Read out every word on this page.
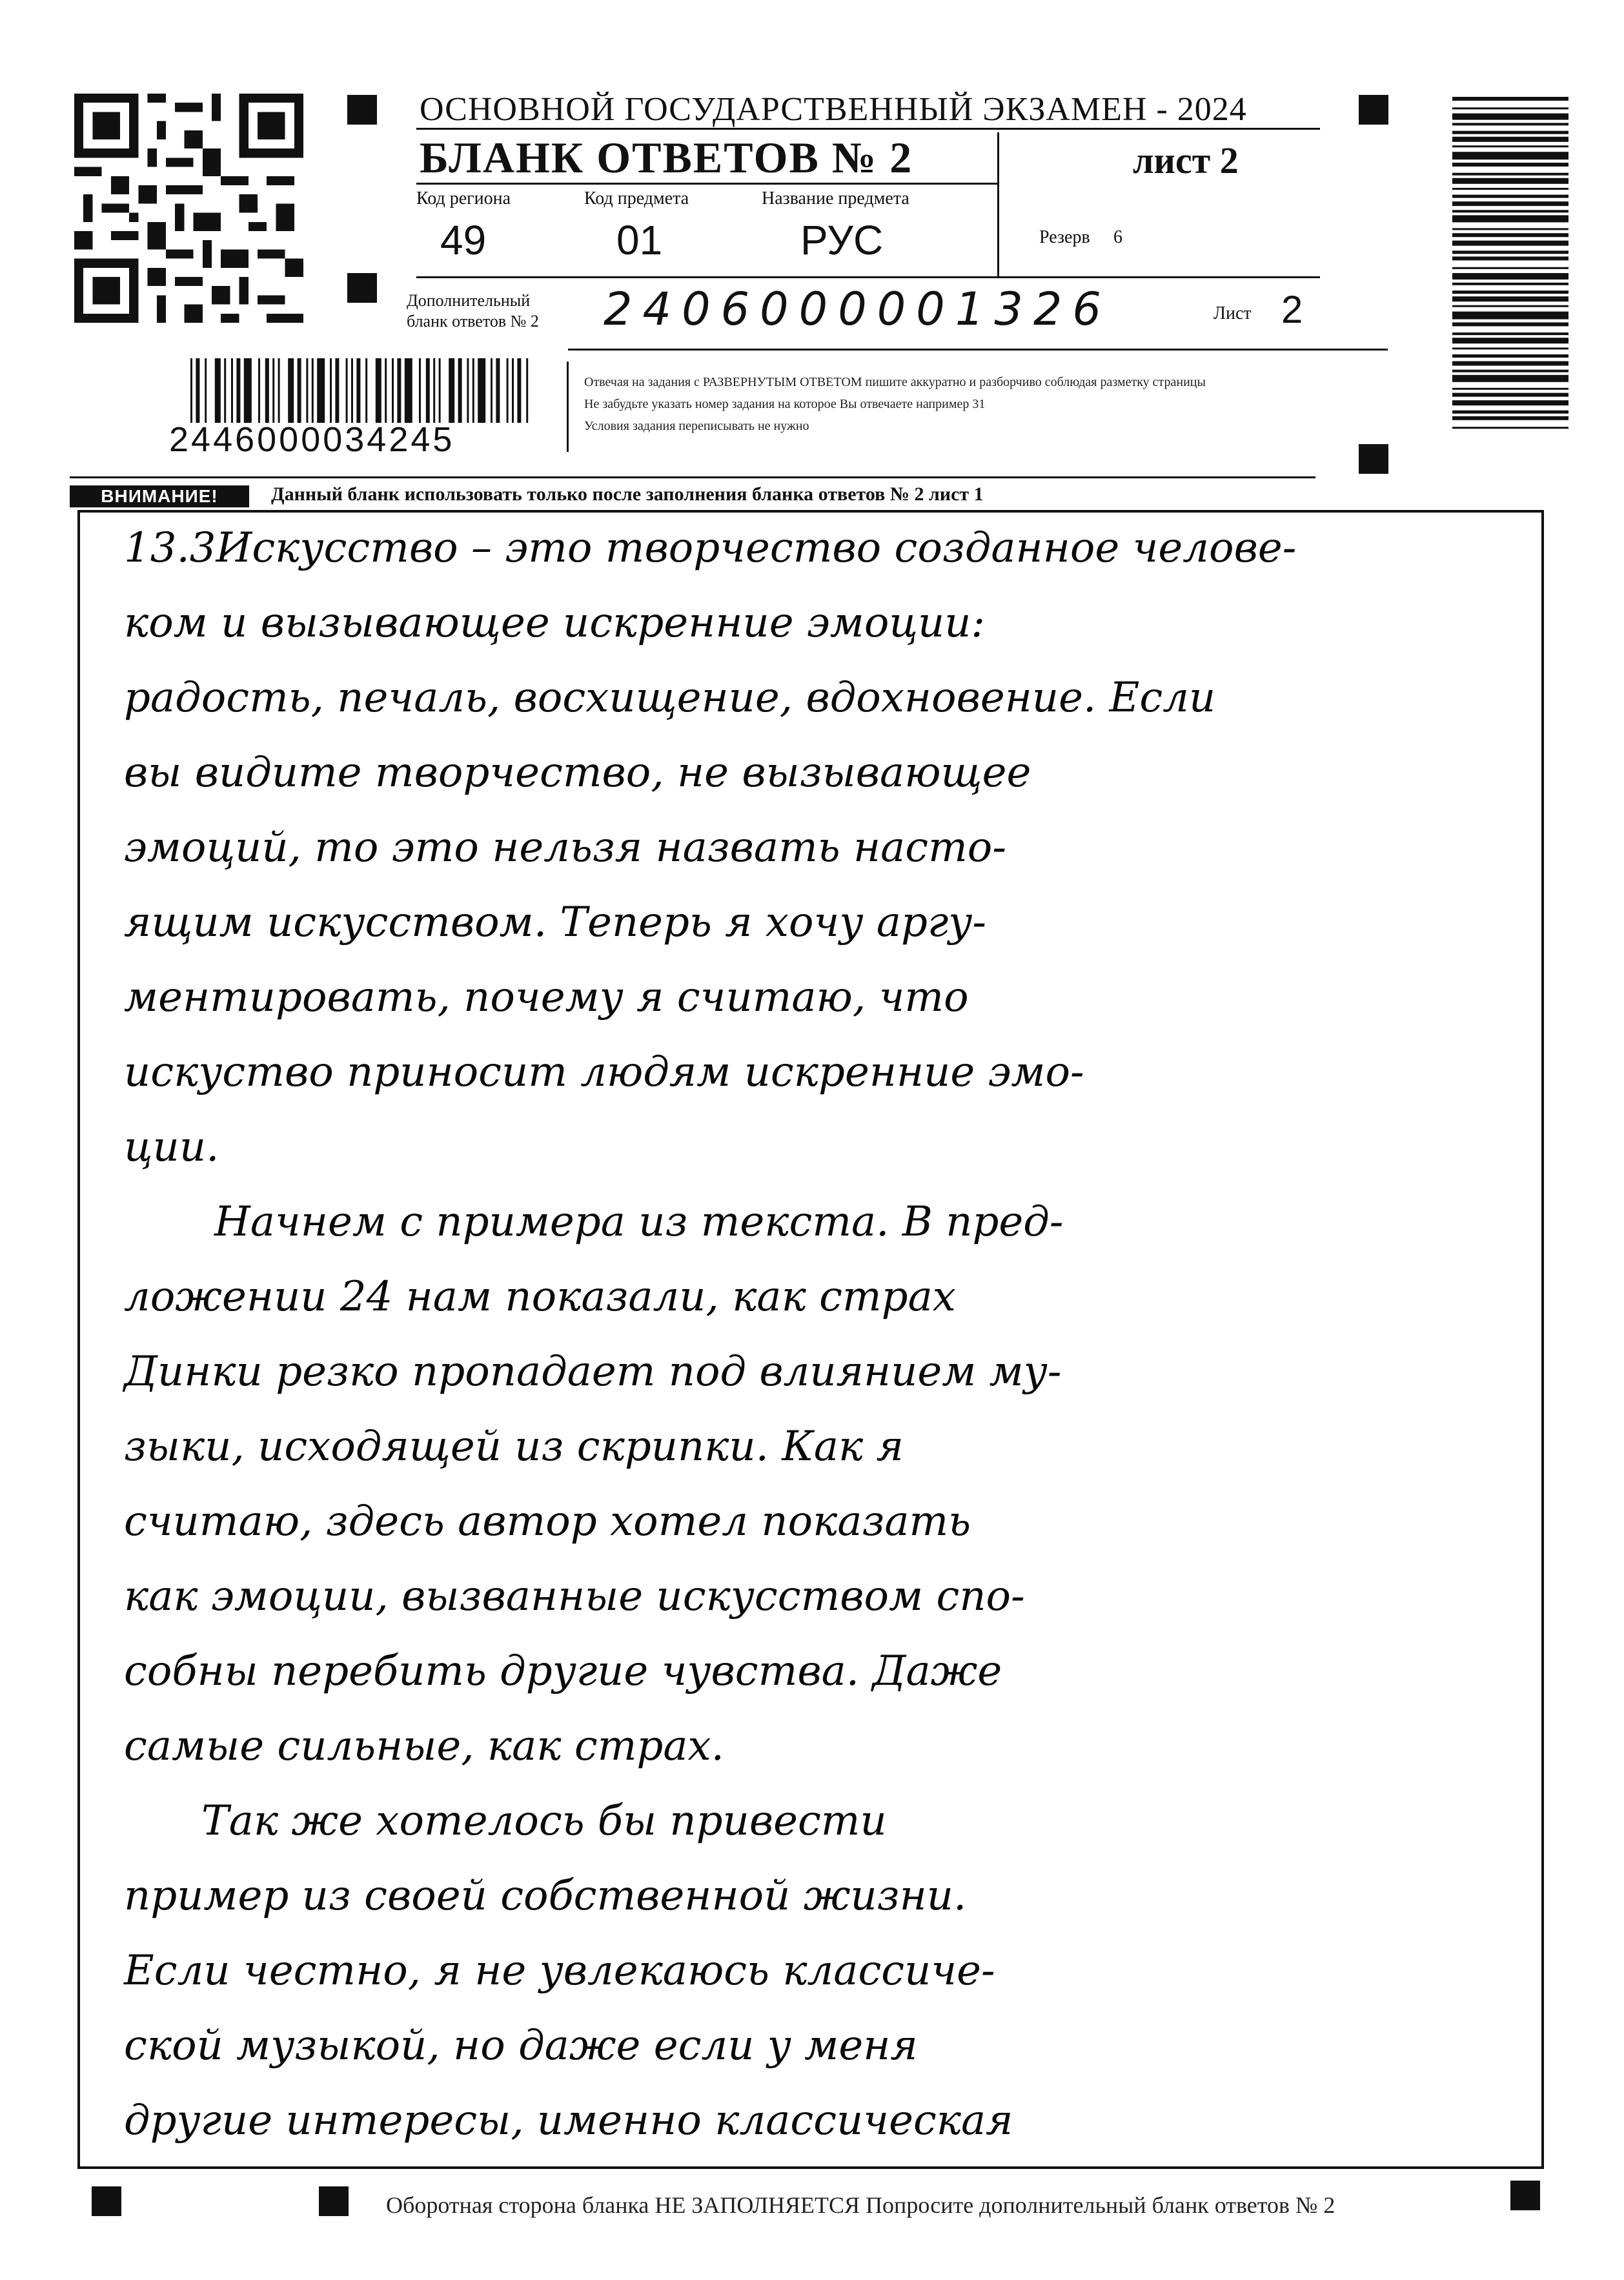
ОСНОВНОЙ ГОСУДАРСТВЕННЫЙ ЭКЗАМЕН - 2024
БЛАНК ОТВЕТОВ № 2	лист 2
Код региона
49
Код предмета
01
Название предмета
РУС	Резерв 6
Дополнительный
бланк ответов № 2 2406000001326	Лист 2
2446000034245
Отвечая на задания с РАЗВЕРНУТЫМ ОТВЕТОМ пишите аккуратно и разборчиво соблюдая разметку страницы
Не забудьте указать номер задания на которое Вы отвечаете например 31
Условия задания переписывать не нужно
ВНИМАНИЕ!	Данный бланк использовать только после заполнения бланка ответов № 2 лист 1
13.3Искусство – это творчество созданное челове-
ком и вызывающее искренние эмоции:
радость, печаль, восхищение, вдохновение. Если
вы видите творчество, не вызывающее
эмоций, то это нельзя назвать насто-
ящим искусством. Теперь я хочу аргу-
ментировать, почему я считаю, что
искуство приносит людям искренние эмо-
ции.
Начнем с примера из текста. В пред-
ложении 24 нам показали, как страх
Динки резко пропадает под влиянием му-
зыки, исходящей из скрипки. Как я
считаю, здесь автор хотел показать
как эмоции, вызванные искусством спо-
собны перебить другие чувства. Даже
самые сильные, как страх.
Так же хотелось бы привести
пример из своей собственной жизни.
Если честно, я не увлекаюсь классиче-
ской музыкой, но даже если у меня
другие интересы, именно классическая
Оборотная сторона бланка НЕ ЗАПОЛНЯЕТСЯ Попросите дополнительный бланк ответов № 2
